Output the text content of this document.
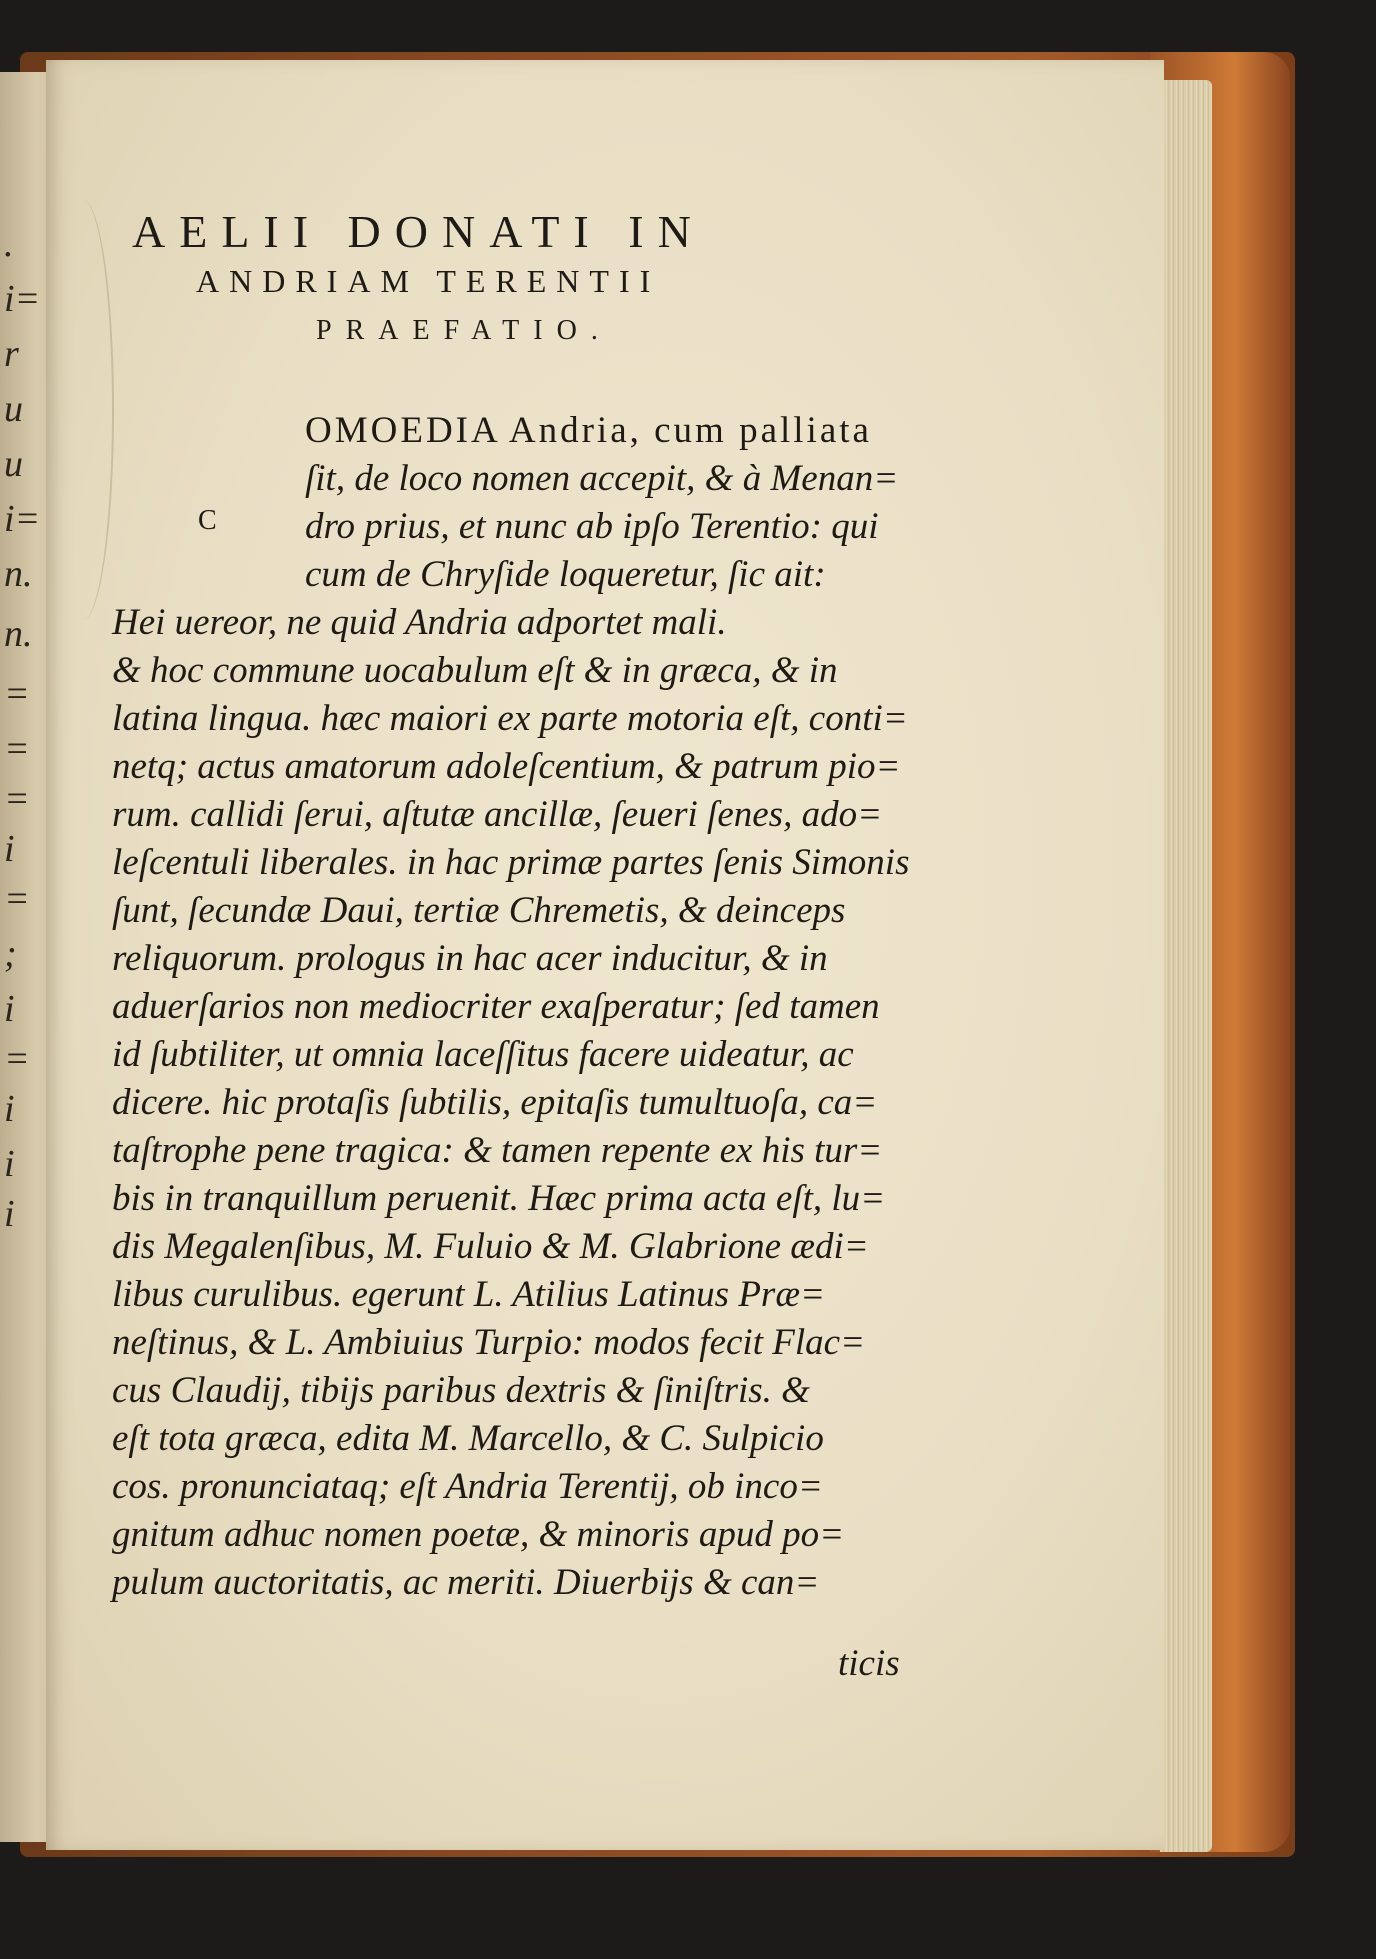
.
i=
r
u
u
i=
n.
n.
=
=
=
i
=
;
i
=
i
i
i
AELII DONATI IN
ANDRIAM TERENTII
PRAEFATIO.
C
OMOEDIA Andria, cum palliata
ſit, de loco nomen accepit, & à Menan=
dro prius, et nunc ab ipſo Terentio: qui
cum de Chryſide loqueretur, ſic ait:
Hei uereor, ne quid Andria adportet mali.
& hoc commune uocabulum eſt & in græca, & in
latina lingua. hæc maiori ex parte motoria eſt, conti=
netq; actus amatorum adoleſcentium, & patrum pio=
rum. callidi ſerui, aſtutæ ancillæ, ſeueri ſenes, ado=
leſcentuli liberales. in hac primæ partes ſenis Simonis
ſunt, ſecundæ Daui, tertiæ Chremetis, & deinceps
reliquorum. prologus in hac acer inducitur, & in
aduerſarios non mediocriter exaſperatur; ſed tamen
id ſubtiliter, ut omnia laceſſitus facere uideatur, ac
dicere. hic protaſis ſubtilis, epitaſis tumultuoſa, ca=
taſtrophe pene tragica: & tamen repente ex his tur=
bis in tranquillum peruenit. Hæc prima acta eſt, lu=
dis Megalenſibus, M. Fuluio & M. Glabrione ædi=
libus curulibus. egerunt L. Atilius Latinus Præ=
neſtinus, & L. Ambiuius Turpio: modos fecit Flac=
cus Claudij, tibijs paribus dextris & ſiniſtris. &
eſt tota græca, edita M. Marcello, & C. Sulpicio
cos. pronunciataq; eſt Andria Terentij, ob inco=
gnitum adhuc nomen poetæ, & minoris apud po=
pulum auctoritatis, ac meriti. Diuerbijs & can=
ticis
